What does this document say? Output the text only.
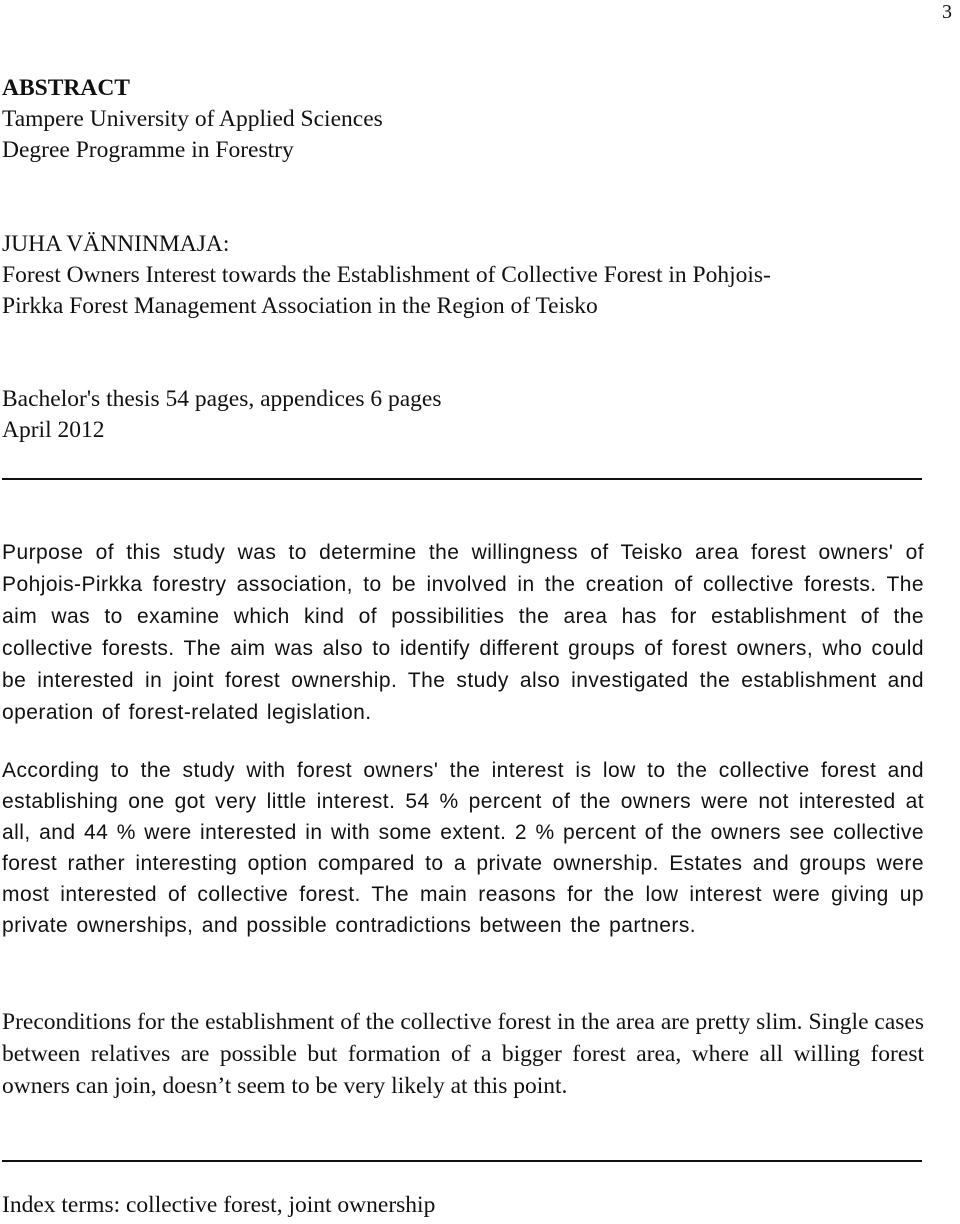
3

ABSTRACT

Tampere University of Applied Sciences

Degree Programme in Forestry

JUHA VÄNNINMAJA:

Forest Owners Interest towards the Establishment of Collective Forest in Pohjois-

Pirkka Forest Management Association in the Region of Teisko

Bachelor's thesis 54 pages, appendices 6 pages

April 2012

Purpose of this study was to determine the willingness of Teisko area forest owners' of Pohjois-Pirkka forestry association, to be involved in the creation of collective forests. The aim was to examine which kind of possibilities the area has for establishment of the collective forests. The aim was also to identify different groups of forest owners, who could be interested in joint forest ownership. The study also investigated the establishment and operation of forest-related legislation.

According to the study with forest owners' the interest is low to the collective forest and establishing one got very little interest. 54 % percent of the owners were not interested at all, and 44 % were interested in with some extent. 2 % percent of the owners see collective forest rather interesting option compared to a private ownership. Estates and groups were most interested of collective forest. The main reasons for the low interest were giving up private ownerships, and possible contradictions between the partners.

Preconditions for the establishment of the collective forest in the area are pretty slim. Single cases between relatives are possible but formation of a bigger forest area, where all willing forest owners can join, doesn’t seem to be very likely at this point.

Index terms: collective forest, joint ownership
